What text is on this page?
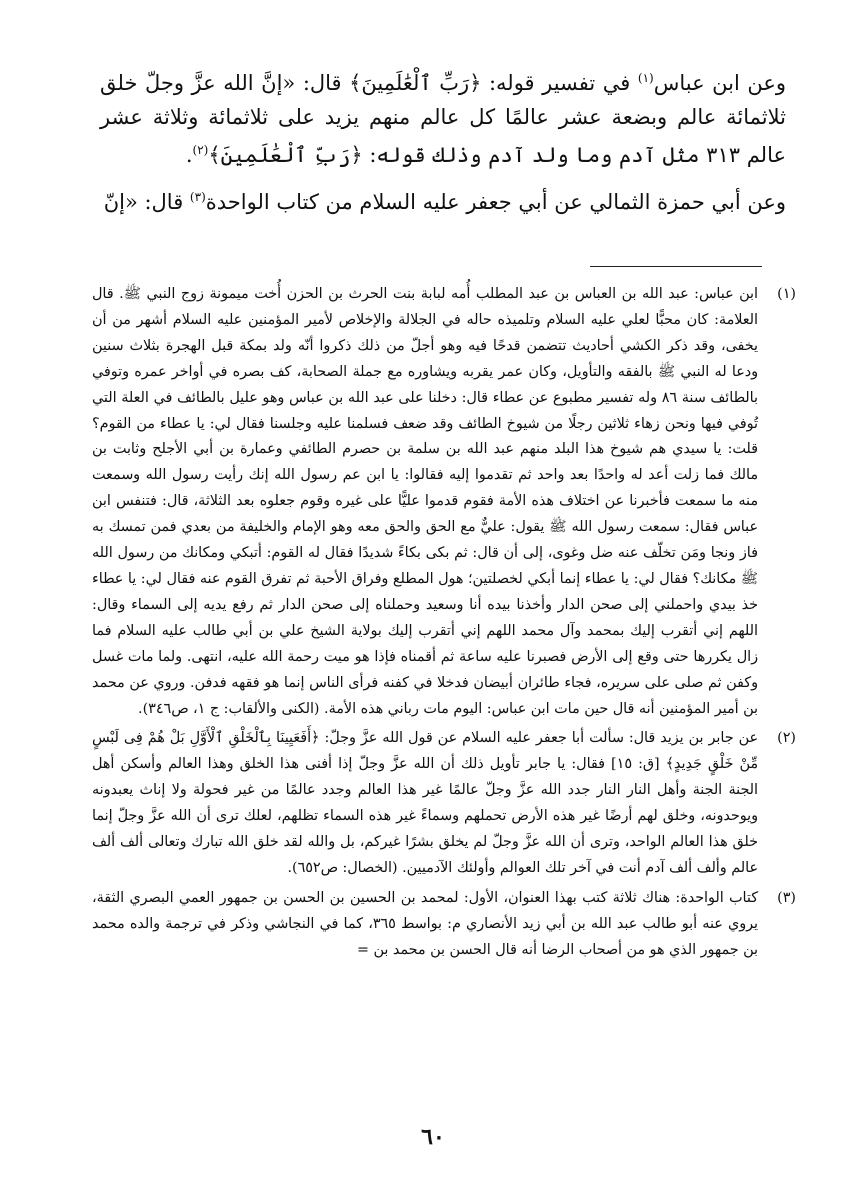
وعن ابن عباس$^{(١)}$ في تفسير قوله: ﴿رَبِّ ٱلْعَٰلَمِينَ﴾ قال: «إنَّ الله عزَّ وجلّ خلق ثلاثمائة عالم وبضعة عشر عالمًا كل عالم منهم يزيد على ثلاثمائة وثلاثة عشر عالم ٣١٣ مثل آدم وما ولد آدم وذلك قوله: ﴿رَبِّ ٱلْعَٰلَمِينَ﴾$^{(٢)}$.

وعن أبي حمزة الثمالي عن أبي جعفر عليه السلام من كتاب الواحدة$^{(٣)}$ قال: «إنّ

(١)
ابن عباس: عبد الله بن العباس بن عبد المطلب أُمه لبابة بنت الحرث بن الحزن أُخت ميمونة زوج النبي ﷺ. قال العلامة: كان محبًّا لعلي عليه السلام وتلميذه حاله في الجلالة والإخلاص لأمير المؤمنين عليه السلام أشهر من أن يخفى، وقد ذكر الكشي أحاديث تتضمن قدحًا فيه وهو أجلّ من ذلك ذكروا أنّه ولد بمكة قبل الهجرة بثلاث سنين ودعا له النبي ﷺ بالفقه والتأويل، وكان عمر يقربه ويشاوره مع جملة الصحابة، كف بصره في أواخر عمره وتوفي بالطائف سنة ٨٦ وله تفسير مطبوع عن عطاء قال: دخلنا على عبد الله بن عباس وهو عليل بالطائف في العلة التي تُوفي فيها ونحن زهاء ثلاثين رجلًا من شيوخ الطائف وقد ضعف فسلمنا عليه وجلسنا فقال لي: يا عطاء من القوم؟ قلت: يا سيدي هم شيوخ هذا البلد منهم عبد الله بن سلمة بن حصرم الطائفي وعمارة بن أبي الأجلح وثابت بن مالك فما زلت أعد له واحدًا بعد واحد ثم تقدموا إليه فقالوا: يا ابن عم رسول الله إنك رأيت رسول الله وسمعت منه ما سمعت فأخبرنا عن اختلاف هذه الأمة فقوم قدموا عليًّا على غيره وقوم جعلوه بعد الثلاثة، قال: فتنفس ابن عباس فقال: سمعت رسول الله ﷺ يقول: عليٌّ مع الحق والحق معه وهو الإمام والخليفة من بعدي فمن تمسك به فاز ونجا ومَن تخلّف عنه ضل وغوى، إلى أن قال: ثم بكى بكاءً شديدًا فقال له القوم: أتبكي ومكانك من رسول الله ﷺ مكانك؟ فقال لي: يا عطاء إنما أبكي لخصلتين؛ هول المطلع وفراق الأحبة ثم تفرق القوم عنه فقال لي: يا عطاء خذ بيدي واحملني إلى صحن الدار وأخذنا بيده أنا وسعيد وحملناه إلى صحن الدار ثم رفع يديه إلى السماء وقال: اللهم إني أتقرب إليك بمحمد وآل محمد اللهم إني أتقرب إليك بولاية الشيخ علي بن أبي طالب عليه السلام فما زال يكررها حتى وقع إلى الأرض فصبرنا عليه ساعة ثم أقمناه فإذا هو ميت رحمة الله عليه، انتهى. ولما مات غسل وكفن ثم صلى على سريره، فجاء طائران أبيضان فدخلا في كفنه فرأى الناس إنما هو فقهه فدفن. وروي عن محمد بن أمير المؤمنين أنه قال حين مات ابن عباس: اليوم مات رباني هذه الأمة. (الكنى والألقاب: ج ١، ص٣٤٦).
(٢)
عن جابر بن يزيد قال: سألت أبا جعفر عليه السلام عن قول الله عزَّ وجلّ: ﴿أَفَعَيِينَا بِٱلْخَلْقِ ٱلْأَوَّلِ بَلْ هُمْ فِى لَبْسٍ مِّنْ خَلْقٍ جَدِيدٍ﴾ [ق: ١٥] فقال: يا جابر تأويل ذلك أن الله عزَّ وجلّ إذا أفنى هذا الخلق وهذا العالم وأسكن أهل الجنة الجنة وأهل النار النار جدد الله عزَّ وجلّ عالمًا غير هذا العالم وجدد عالمًا من غير فحولة ولا إناث يعبدونه ويوحدونه، وخلق لهم أرضًا غير هذه الأرض تحملهم وسماءً غير هذه السماء تظلهم، لعلك ترى أن الله عزَّ وجلّ إنما خلق هذا العالم الواحد، وترى أن الله عزَّ وجلّ لم يخلق بشرًا غيركم، بل والله لقد خلق الله تبارك وتعالى ألف ألف عالم وألف ألف آدم أنت في آخر تلك العوالم وأولئك الآدميين. (الخصال: ص٦٥٢).
(٣)
كتاب الواحدة: هناك ثلاثة كتب بهذا العنوان، الأول: لمحمد بن الحسين بن الحسن بن جمهور العمي البصري الثقة، يروي عنه أبو طالب عبد الله بن أبي زيد الأنصاري م: بواسط ٣٦٥، كما في النجاشي وذكر في ترجمة والده محمد بن جمهور الذي هو من أصحاب الرضا أنه قال الحسن بن محمد بن =
٦٠
